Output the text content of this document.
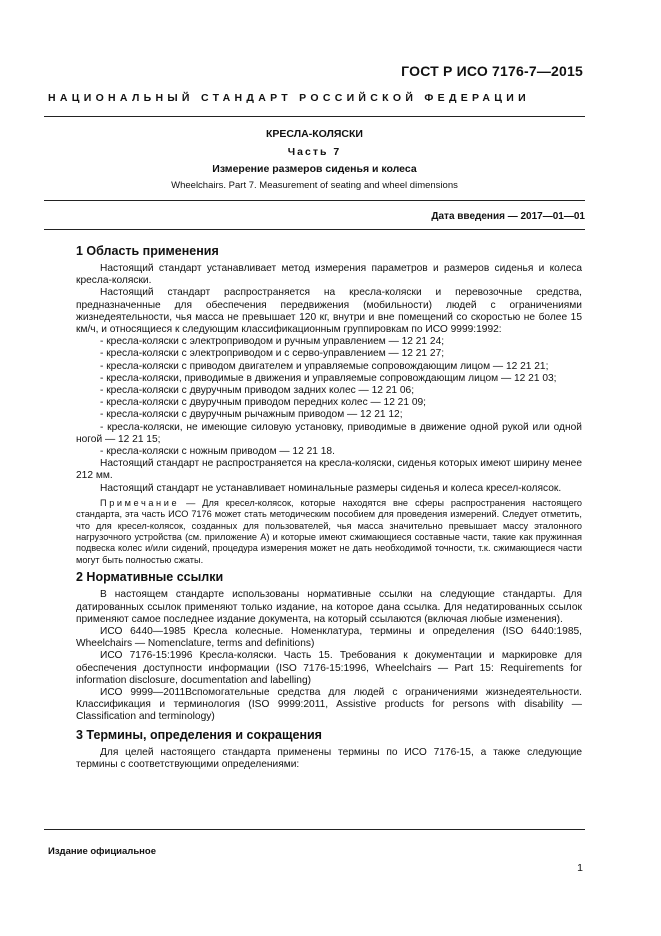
ГОСТ Р ИСО 7176-7—2015
НАЦИОНАЛЬНЫЙ СТАНДАРТ РОССИЙСКОЙ ФЕДЕРАЦИИ
КРЕСЛА-КОЛЯСКИ
Часть 7
Измерение размеров сиденья и колеса
Wheelchairs. Part 7. Measurement of seating and wheel dimensions
Дата введения — 2017—01—01
1 Область применения

Настоящий стандарт устанавливает метод измерения параметров и размеров сиденья и колеса кресла-коляски.

Настоящий стандарт распространяется на кресла-коляски и перевозочные средства, предназначенные для обеспечения передвижения (мобильности) людей с ограничениями жизнедеятельности, чья масса не превышает 120 кг, внутри и вне помещений со скоростью не более 15 км/ч, и относящиеся к следующим классификационным группировкам по ИСО 9999:1992:

- кресла-коляски с электроприводом и ручным управлением — 12 21 24;

- кресла-коляски с электроприводом и с серво-управлением — 12 21 27;

- кресла-коляски с приводом двигателем и управляемые сопровождающим лицом — 12 21 21;

- кресла-коляски, приводимые в движения и управляемые сопровождающим лицом — 12 21 03;

- кресла-коляски с двуручным приводом задних колес — 12 21 06;

- кресла-коляски с двуручным приводом передних колес — 12 21 09;

- кресла-коляски с двуручным рычажным приводом — 12 21 12;

- кресла-коляски, не имеющие силовую установку, приводимые в движение одной рукой или одной ногой — 12 21 15;

- кресла-коляски с ножным приводом — 12 21 18.

Настоящий стандарт не распространяется на кресла-коляски, сиденья которых имеют ширину менее 212 мм.

Настоящий стандарт не устанавливает номинальные размеры сиденья и колеса кресел-колясок.

Примечание — Для кресел-колясок, которые находятся вне сферы распространения настоящего стандарта, эта часть ИСО 7176 может стать методическим пособием для проведения измерений. Следует отметить, что для кресел-колясок, созданных для пользователей, чья масса значительно превышает массу эталонного нагрузочного устройства (см. приложение А) и которые имеют сжимающиеся составные части, такие как пружинная подвеска колес и/или сидений, процедура измерения может не дать необходимой точности, т.к. сжимающиеся части могут быть полностью сжаты.

2 Нормативные ссылки

В настоящем стандарте использованы нормативные ссылки на следующие стандарты. Для датированных ссылок применяют только издание, на которое дана ссылка. Для недатированных ссылок применяют самое последнее издание документа, на который ссылаются (включая любые изменения).

ИСО 6440—1985 Кресла колесные. Номенклатура, термины и определения (ISO 6440:1985, Wheelchairs — Nomenclature, terms and definitions)

ИСО 7176-15:1996 Кресла-коляски. Часть 15. Требования к документации и маркировке для обеспечения доступности информации (ISO 7176-15:1996, Wheelchairs — Part 15: Requirements for information disclosure, documentation and labelling)

ИСО 9999—2011Вспомогательные средства для людей с ограничениями жизнедеятельности. Классификация и терминология (ISO 9999:2011, Assistive products for persons with disability — Classification and terminology)

3 Термины, определения и сокращения

Для целей настоящего стандарта применены термины по ИСО 7176-15, а также следующие термины с соответствующими определениями:

Издание официальное
1
